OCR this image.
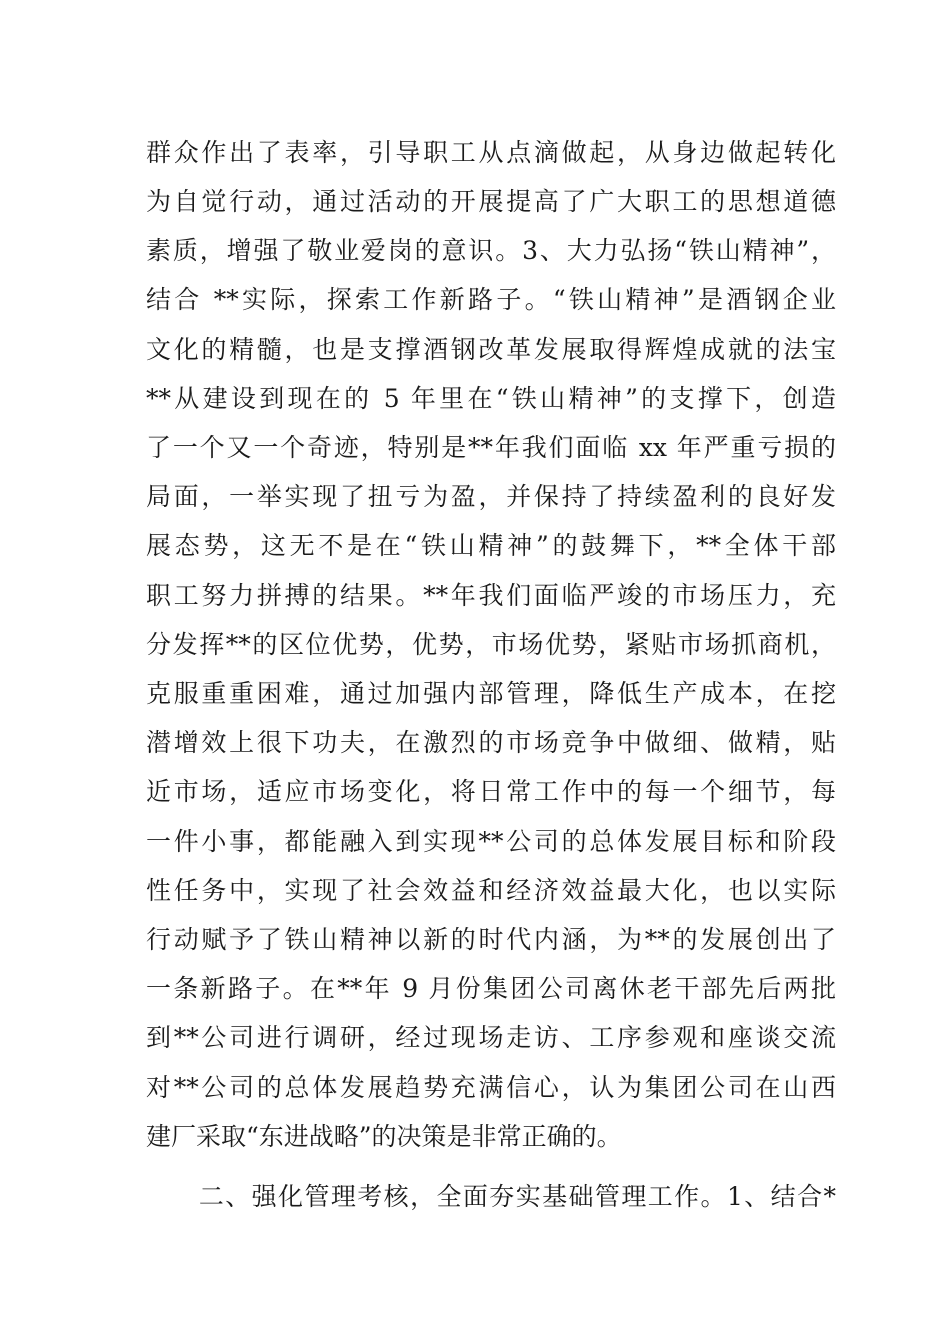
群众作出了表率，引导职工从点滴做起，从身边做起转化
为自觉行动，通过活动的开展提高了广大职工的思想道德
素质，增强了敬业爱岗的意识。3、大力弘扬“铁山精神”，
结合 **实际，探索工作新路子。“铁山精神”是酒钢企业
文化的精髓，也是支撑酒钢改革发展取得辉煌成就的法宝
**从建设到现在的 5 年里在“铁山精神”的支撑下，创造
了一个又一个奇迹，特别是**年我们面临 xx 年严重亏损的
局面，一举实现了扭亏为盈，并保持了持续盈利的良好发
展态势，这无不是在“铁山精神”的鼓舞下，**全体干部
职工努力拼搏的结果。**年我们面临严竣的市场压力，充
分发挥**的区位优势，优势，市场优势，紧贴市场抓商机，
克服重重困难，通过加强内部管理，降低生产成本，在挖
潜增效上很下功夫，在激烈的市场竞争中做细、做精，贴
近市场，适应市场变化，将日常工作中的每一个细节，每
一件小事，都能融入到实现**公司的总体发展目标和阶段
性任务中，实现了社会效益和经济效益最大化，也以实际
行动赋予了铁山精神以新的时代内涵，为**的发展创出了
一条新路子。在**年 9 月份集团公司离休老干部先后两批
到**公司进行调研，经过现场走访、工序参观和座谈交流
对**公司的总体发展趋势充满信心，认为集团公司在山西
建厂采取“东进战略”的决策是非常正确的。
　　二、强化管理考核，全面夯实基础管理工作。1、结合*
